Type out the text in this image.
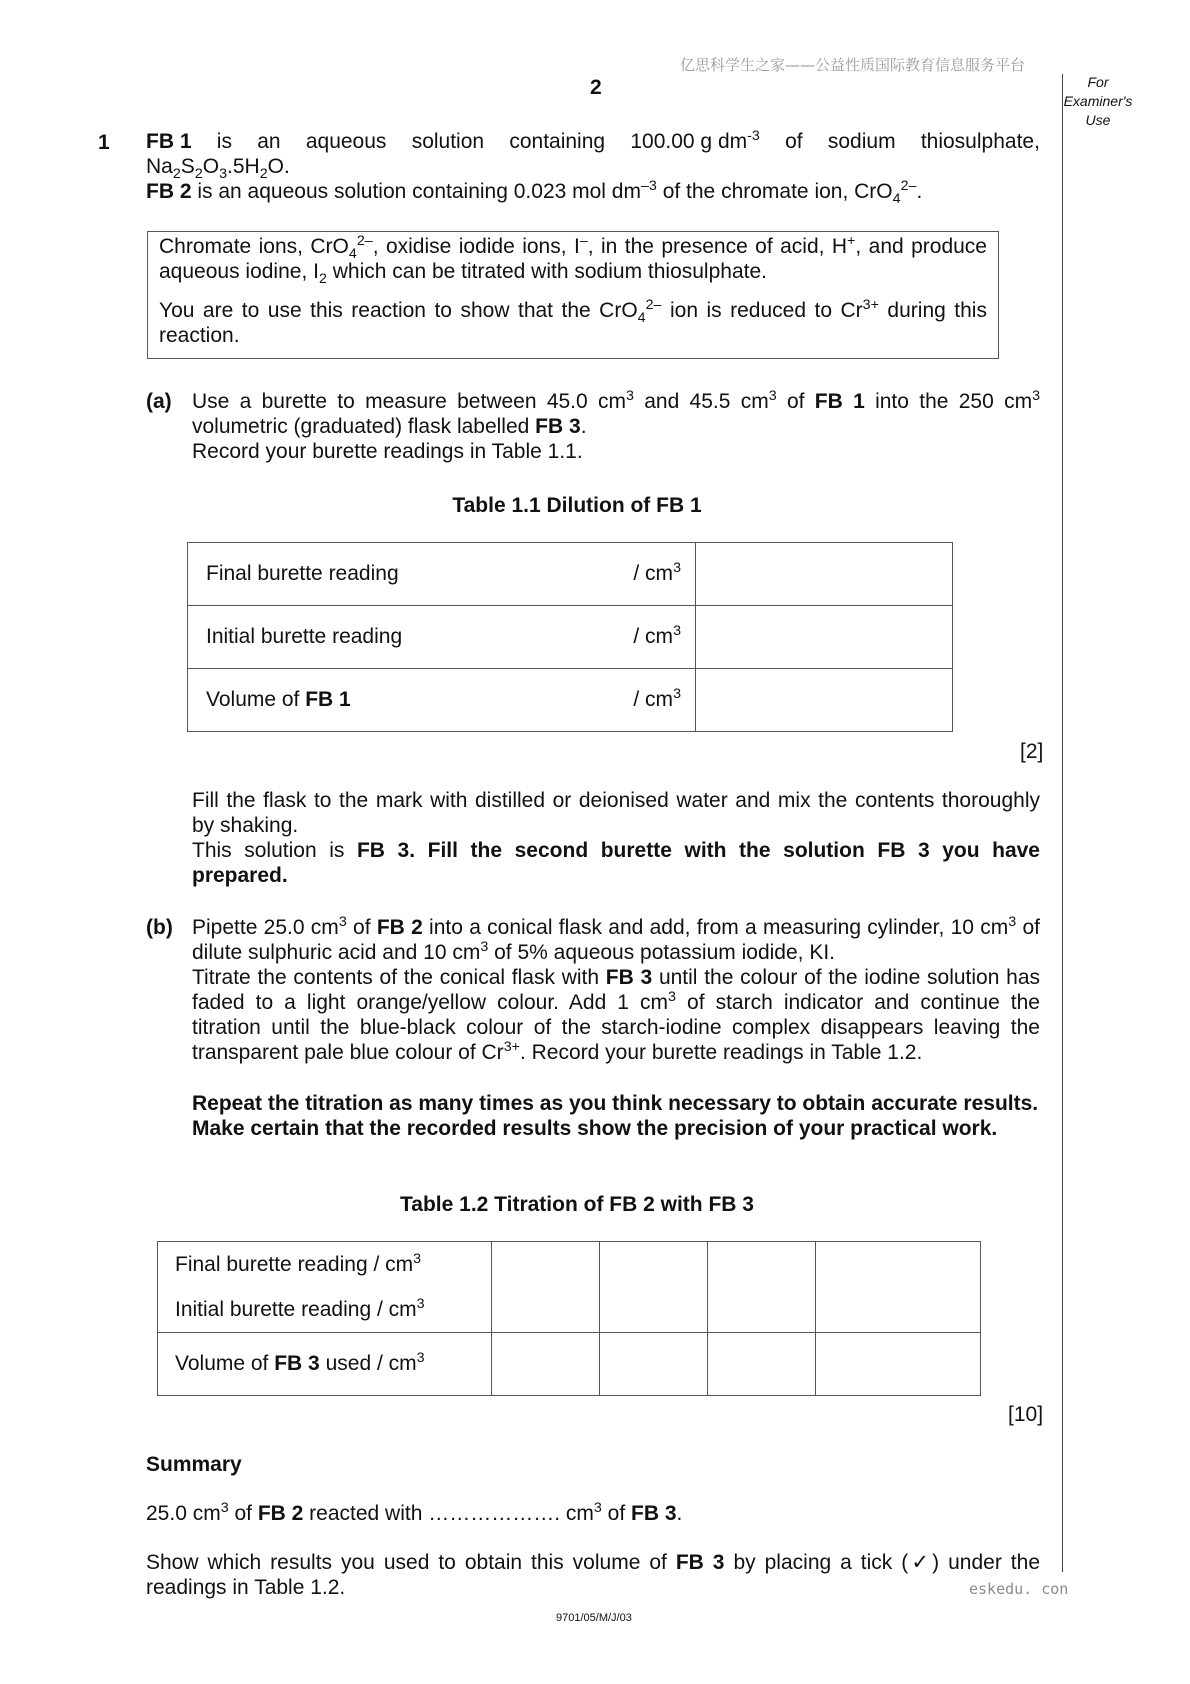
亿思科学生之家——公益性质国际教育信息服务平台
2	For Examiner's Use
1 FB 1 is an aqueous solution containing 100.00 g $dm^{-3}$ of sodium thiosulphate,
$Na_2S_2O_3.5H_2O$.
FB 2 is an aqueous solution containing 0.023 mol $dm^{-3}$ of the chromate ion, CrO$_4^{2-}$.

Chromate ions, CrO$_4^{2-}$, oxidise iodide ions, I–, in the presence of acid, H+, and produce aqueous iodine, $I_2$ which can be titrated with sodium thiosulphate.

You are to use this reaction to show that the CrO$_4^{2-}$ ion is reduced to $Cr^{3+}$ during this reaction.

(a) Use a burette to measure between 45.0 $cm^3$ and 45.5 $cm^3$ of FB 1 into the 250 $cm^3$ volumetric (graduated) flask labelled FB 3.
Record your burette readings in Table 1.1.
Table 1.1 Dilution of FB 1
Final burette reading	/ $cm^3$	
Initial burette reading	/ $cm^3$	
Volume of FB 1	/ $cm^3$	
[2]
Fill the flask to the mark with distilled or deionised water and mix the contents thoroughly by shaking.
This solution is FB 3. Fill the second burette with the solution FB 3 you have prepared.
(b) Pipette 25.0 $cm^3$ of FB 2 into a conical flask and add, from a measuring cylinder, 10 $cm^3$ of dilute sulphuric acid and 10 $cm^3$ of 5% aqueous potassium iodide, KI.
Titrate the contents of the conical flask with FB 3 until the colour of the iodine solution has faded to a light orange/yellow colour. Add 1 $cm^3$ of starch indicator and continue the titration until the blue-black colour of the starch-iodine complex disappears leaving the transparent pale blue colour of $Cr^{3+}$. Record your burette readings in Table 1.2.
Repeat the titration as many times as you think necessary to obtain accurate results.
Make certain that the recorded results show the precision of your practical work.
Table 1.2 Titration of FB 2 with FB 3
Final burette reading / $cm^3$
Initial burette reading / $cm^3$

Volume of FB 3 used / $cm^3$				
[10]
Summary
25.0 $cm^3$ of FB 2 reacted with ………………. $cm^3$ of FB 3.
Show which results you used to obtain this volume of FB 3 by placing a tick (✓) under the readings in Table 1.2.	eskedu. con
9701/05/M/J/03
